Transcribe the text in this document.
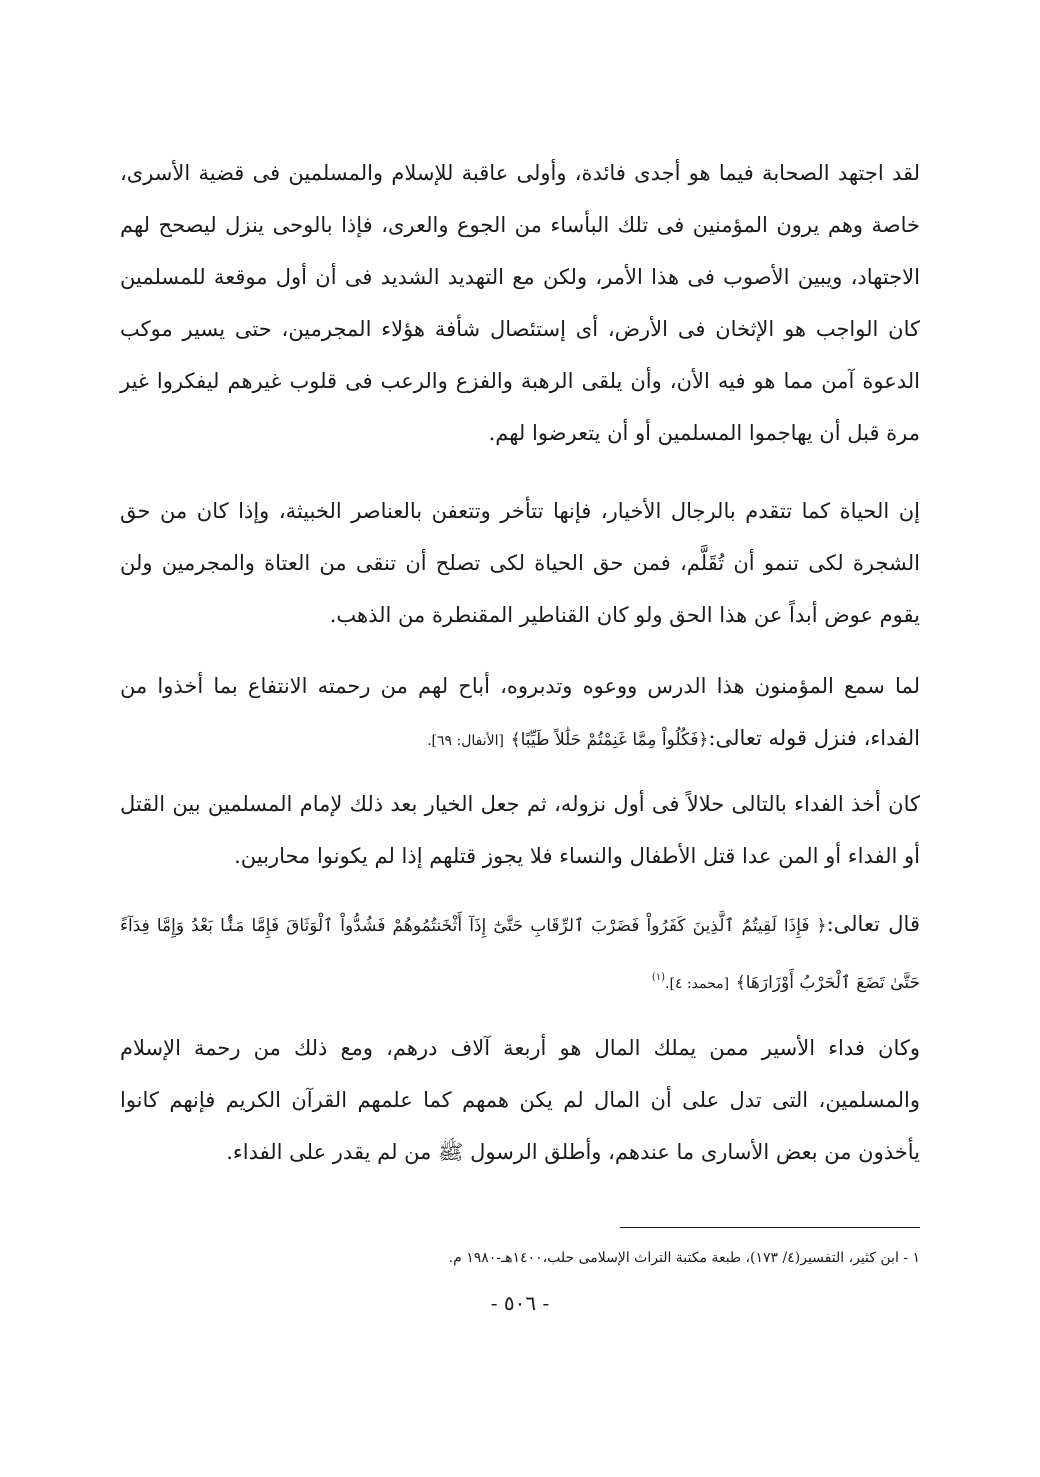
لقد اجتهد الصحابة فيما هو أجدى فائدة، وأولى عاقبة للإسلام والمسلمين فى قضية الأسرى، خاصة وهم يرون المؤمنين فى تلك البأساء من الجوع والعرى، فإذا بالوحى ينزل ليصحح لهم الاجتهاد، ويبين الأصوب فى هذا الأمر، ولكن مع التهديد الشديد فى أن أول موقعة للمسلمين كان الواجب هو الإثخان فى الأرض، أى إستئصال شأفة هؤلاء المجرمين، حتى يسير موكب الدعوة آمن مما هو فيه الأن، وأن يلقى الرهبة والفزع والرعب فى قلوب غيرهم ليفكروا غير مرة قبل أن يهاجموا المسلمين أو أن يتعرضوا لهم.

إن الحياة كما تتقدم بالرجال الأخيار، فإنها تتأخر وتتعفن بالعناصر الخبيثة، وإذا كان من حق الشجرة لكى تنمو أن تُقَلَّم، فمن حق الحياة لكى تصلح أن تنقى من العتاة والمجرمين ولن يقوم عوض أبداً عن هذا الحق ولو كان القناطير المقنطرة من الذهب.

لما سمع المؤمنون هذا الدرس ووعوه وتدبروه، أباح لهم من رحمته الانتفاع بما أخذوا من الفداء، فنزل قوله تعالى:﴿فَكُلُواْ مِمَّا غَنِمْتُمْ حَلَٰلاً طَيِّبًا﴾ [الأنفال: ٦٩].

كان أخذ الفداء بالتالى حلالاً فى أول نزوله، ثم جعل الخيار بعد ذلك لإمام المسلمين بين القتل أو الفداء أو المن عدا قتل الأطفال والنساء فلا يجوز قتلهم إذا لم يكونوا محاربين.

قال تعالى:﴿ فَإِذَا لَقِيتُمُ ٱلَّذِينَ كَفَرُواْ فَضَرْبَ ٱلرِّقَابِ حَتَّىٰٓ إِذَآ أَثْخَنتُمُوهُمْ فَشُدُّواْ ٱلْوَثَاقَ فَإِمَّا مَنًّۢا بَعْدُ وَإِمَّا فِدَآءً حَتَّىٰ تَضَعَ ٱلْحَرْبُ أَوْزَارَهَا﴾ [محمد: ٤].$^{(١)}$

وكان فداء الأسير ممن يملك المال هو أربعة آلاف درهم، ومع ذلك من رحمة الإسلام والمسلمين، التى تدل على أن المال لم يكن همهم كما علمهم القرآن الكريم فإنهم كانوا يأخذون من بعض الأسارى ما عندهم، وأطلق الرسول ﷺ من لم يقدر على الفداء.

١ - ابن كثير، التفسير(٤/ ١٧٣)، طبعة مكتبة التراث الإسلامى حلب،١٤٠٠هـ-١٩٨٠ م.
- ٥٠٦ -
